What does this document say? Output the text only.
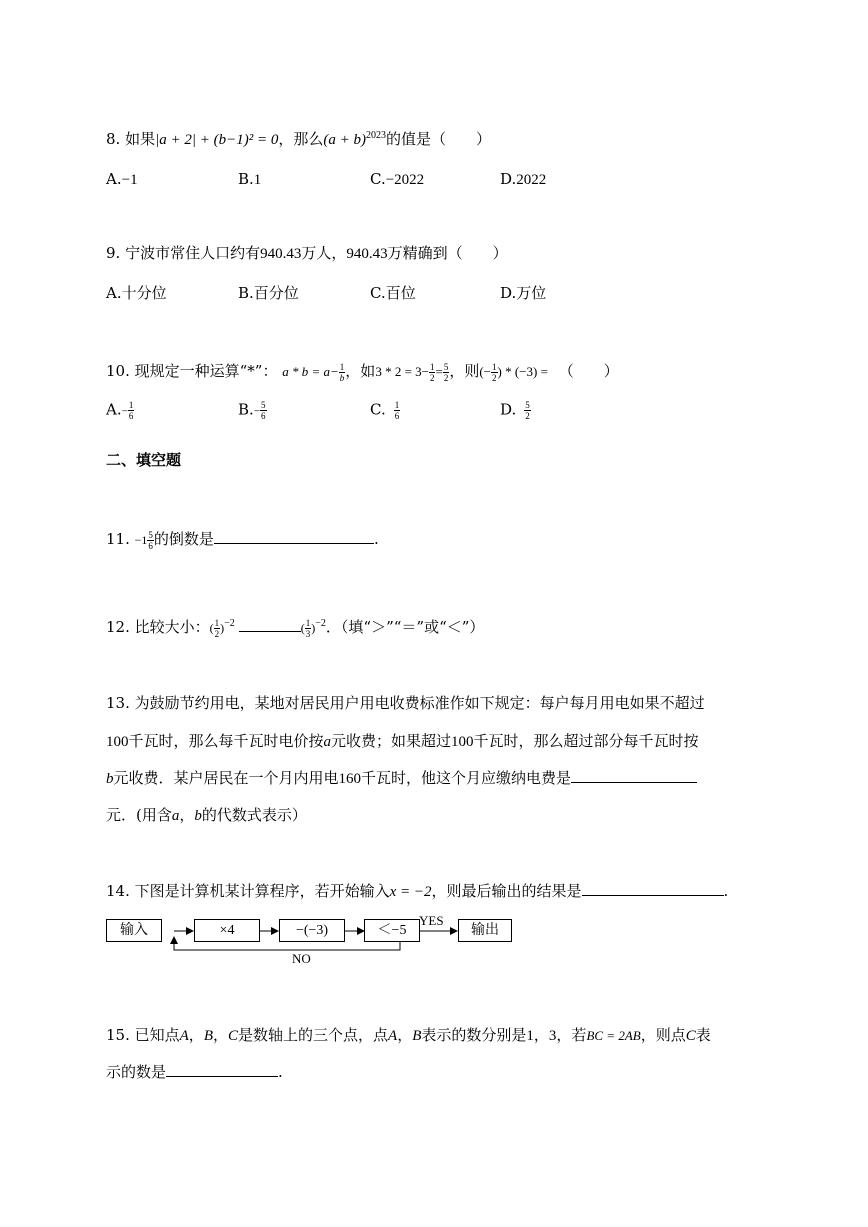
8. 如果|a + 2| + (b−1)² = 0，那么$(a + b)^{2023}$的值是（　　）
A.−1	B.1	C.−2022	D.2022
9. 宁波市常住人口约有940.43万人，940.43万精确到（　　）
A.十分位	B.百分位	C.百位	D.万位
10. 现规定一种运算“*”： $a * b = a- \frac{1}{b}$ ，如$3 * 2 = 3- \frac{1}{2} = \frac{5}{2}$ ，则(− $\frac{1}{2}$ ) * (−3) = （　　）
$A.- \frac{1}{6}$	$B.- \frac{5}{6}$	C. $\frac{1}{6}$	D. $\frac{5}{2}$
二、填空题
11. $-1 \frac{5}{6}$ 的倒数是	.
12. 比较大小：( $\frac{1}{2} )^{-2}$	( $\frac{1}{3} )^{-2}$．（填“＞”“＝”或“＜”）
13. 为鼓励节约用电，某地对居民用户用电收费标准作如下规定：每户每月用电如果不超过
100千瓦时，那么每千瓦时电价按a元收费；如果超过100千瓦时，那么超过部分每千瓦时按
b元收费．某户居民在一个月内用电160千瓦时，他这个月应缴纳电费是
元．(用含a，b的代数式表示）
14. 下图是计算机某计算程序，若开始输入x = −2，则最后输出的结果是	.
输入	×4	−(−3)	＜−5
YES
输出
NO
15. 已知点A，B，C是数轴上的三个点，点A，B表示的数分别是1，3，若BC = 2AB，则点C表
示的数是	.
